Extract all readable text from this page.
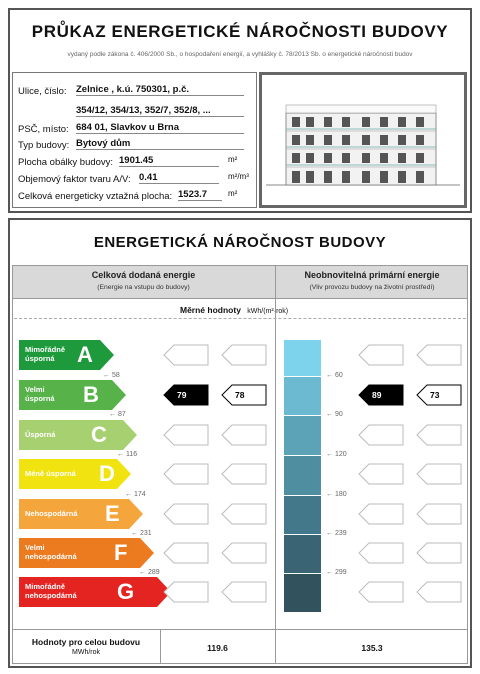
PRŮKAZ ENERGETICKÉ NÁROČNOSTI BUDOVY
vydaný podle zákona č. 406/2000 Sb., o hospodaření energií, a vyhlášky č. 78/2013 Sb. o energetické náročnosti budov
Ulice, číslo: Zelnice , k.ú. 750301, p.č.
354/12, 354/13, 352/7, 352/8, ...
PSČ, místo: 684 01, Slavkov u Brna
Typ budovy: Bytový dům
Plocha obálky budovy: 1901.45	m²
Objemový faktor tvaru A/V: 0.41	m²/m³
Celková energeticky vztažná plocha: 1523.7	m²
ENERGETICKÁ NÁROČNOST BUDOVY
Celková dodaná energie
(Energie na vstupu do budovy)
Neobnovitelná primární energie
(Vliv provozu budovy na životní prostředí)
Měrné hodnoty kWh/(m²·rok)
Mimořádně
úsporná	A
Velmi
úsporná B
Úsporná C
Méně úsporná D
Nehospodárná E
Velmi
nehospodárná F
Mimořádně
nehospodárná G
← 58
← 87
← 116
← 174
← 231
← 289
← 60
← 90
← 120
← 180
← 239
← 299
79	78	89	73
Hodnoty pro celou budovu
MWh/rok	119.6	135.3
